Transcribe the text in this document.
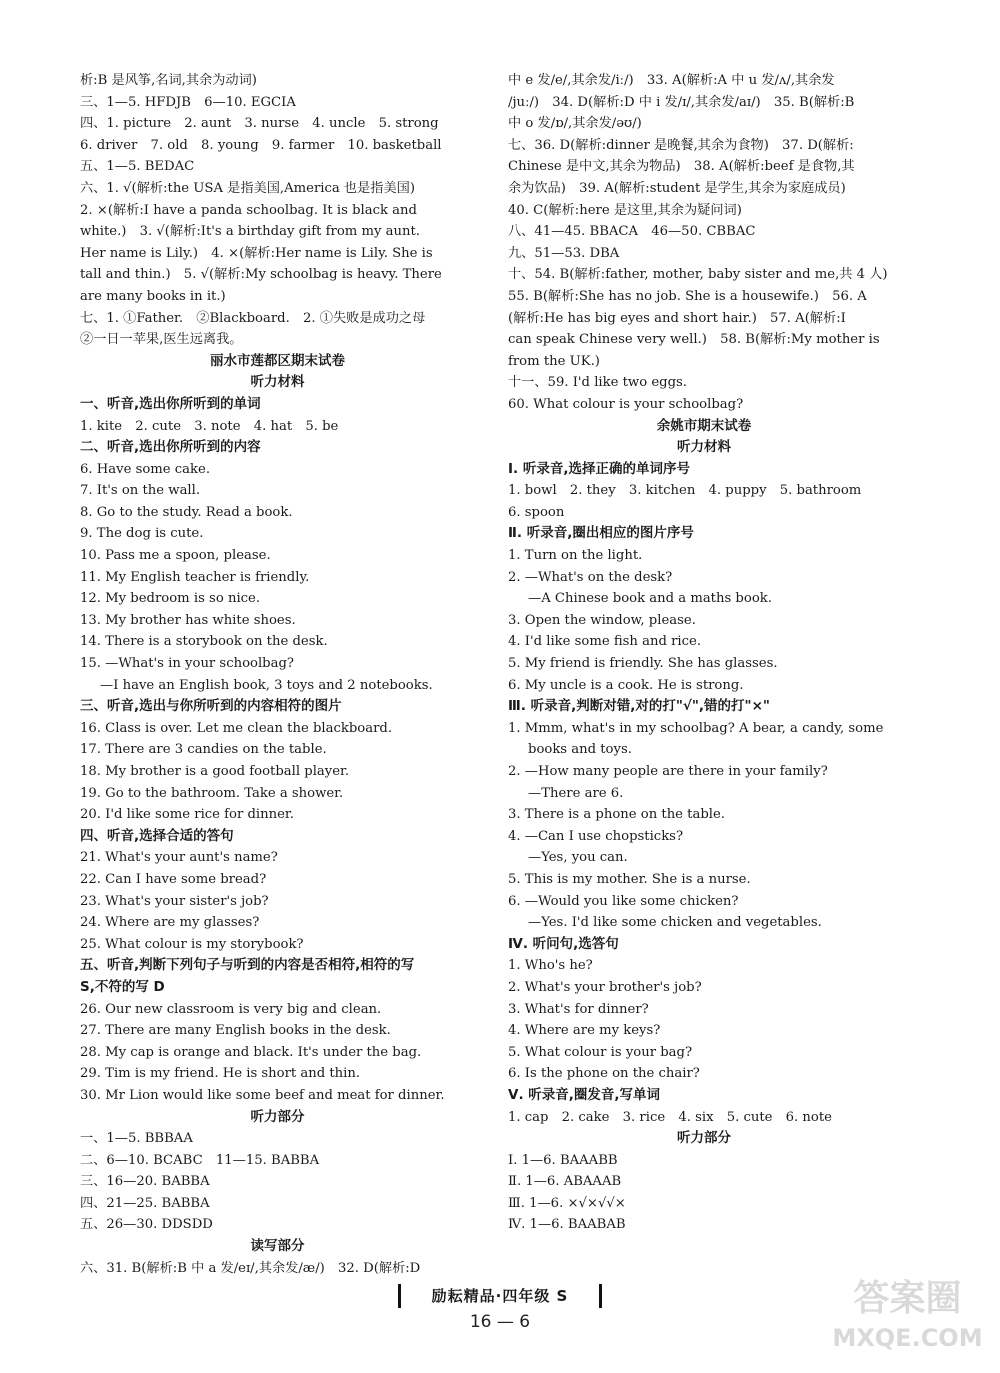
析:B 是风筝,名词,其余为动词)
三、1—5. HFDJB　6—10. EGCIA
四、1. picture　2. aunt　3. nurse　4. uncle　5. strong
6. driver　7. old　8. young　9. farmer　10. basketball
五、1—5. BEDAC
六、1. √(解析:the USA 是指美国,America 也是指美国)
2. ×(解析:I have a panda schoolbag. It is black and
white.)　3. √(解析:It's a birthday gift from my aunt.
Her name is Lily.)　4. ×(解析:Her name is Lily. She is
tall and thin.)　5. √(解析:My schoolbag is heavy. There
are many books in it.)
七、1. ①Father.　②Blackboard.　2. ①失败是成功之母
②一日一苹果,医生远离我。
丽水市莲都区期末试卷
听力材料
一、听音,选出你所听到的单词
1. kite　2. cute　3. note　4. hat　5. be
二、听音,选出你所听到的内容
6. Have some cake.
7. It's on the wall.
8. Go to the study. Read a book.
9. The dog is cute.
10. Pass me a spoon, please.
11. My English teacher is friendly.
12. My bedroom is so nice.
13. My brother has white shoes.
14. There is a storybook on the desk.
15. —What's in your schoolbag?
—I have an English book, 3 toys and 2 notebooks.
三、听音,选出与你所听到的内容相符的图片
16. Class is over. Let me clean the blackboard.
17. There are 3 candies on the table.
18. My brother is a good football player.
19. Go to the bathroom. Take a shower.
20. I'd like some rice for dinner.
四、听音,选择合适的答句
21. What's your aunt's name?
22. Can I have some bread?
23. What's your sister's job?
24. Where are my glasses?
25. What colour is my storybook?
五、听音,判断下列句子与听到的内容是否相符,相符的写
S,不符的写 D
26. Our new classroom is very big and clean.
27. There are many English books in the desk.
28. My cap is orange and black. It's under the bag.
29. Tim is my friend. He is short and thin.
30. Mr Lion would like some beef and meat for dinner.
听力部分
一、1—5. BBBAA
二、6—10. BCABC　11—15. BABBA
三、16—20. BABBA
四、21—25. BABBA
五、26—30. DDSDD
读写部分
六、31. B(解析:B 中 a 发/eɪ/,其余发/æ/)　32. D(解析:D
中 e 发/e/,其余发/iː/)　33. A(解析:A 中 u 发/ʌ/,其余发
/juː/)　34. D(解析:D 中 i 发/ɪ/,其余发/aɪ/)　35. B(解析:B
中 o 发/ɒ/,其余发/əʊ/)
七、36. D(解析:dinner 是晚餐,其余为食物)　37. D(解析:
Chinese 是中文,其余为物品)　38. A(解析:beef 是食物,其
余为饮品)　39. A(解析:student 是学生,其余为家庭成员)
40. C(解析:here 是这里,其余为疑问词)
八、41—45. BBACA　46—50. CBBAC
九、51—53. DBA
十、54. B(解析:father, mother, baby sister and me,共 4 人)
55. B(解析:She has no job. She is a housewife.)　56. A
(解析:He has big eyes and short hair.)　57. A(解析:I
can speak Chinese very well.)　58. B(解析:My mother is
from the UK.)
十一、59. I'd like two eggs.
60. What colour is your schoolbag?
余姚市期末试卷
听力材料
Ⅰ. 听录音,选择正确的单词序号
1. bowl　2. they　3. kitchen　4. puppy　5. bathroom
6. spoon
Ⅱ. 听录音,圈出相应的图片序号
1. Turn on the light.
2. —What's on the desk?
—A Chinese book and a maths book.
3. Open the window, please.
4. I'd like some fish and rice.
5. My friend is friendly. She has glasses.
6. My uncle is a cook. He is strong.
Ⅲ. 听录音,判断对错,对的打"√",错的打"×"
1. Mmm, what's in my schoolbag? A bear, a candy, some
books and toys.
2. —How many people are there in your family?
—There are 6.
3. There is a phone on the table.
4. —Can I use chopsticks?
—Yes, you can.
5. This is my mother. She is a nurse.
6. —Would you like some chicken?
—Yes. I'd like some chicken and vegetables.
Ⅳ. 听问句,选答句
1. Who's he?
2. What's your brother's job?
3. What's for dinner?
4. Where are my keys?
5. What colour is your bag?
6. Is the phone on the chair?
Ⅴ. 听录音,圈发音,写单词
1. cap　2. cake　3. rice　4. six　5. cute　6. note
听力部分
Ⅰ. 1—6. BAAABB
Ⅱ. 1—6. ABAAAB
Ⅲ. 1—6. ×√×√√×
Ⅳ. 1—6. BAABAB
励耘精品·四年级 S
16 — 6
答案圈
MXQE.COM
